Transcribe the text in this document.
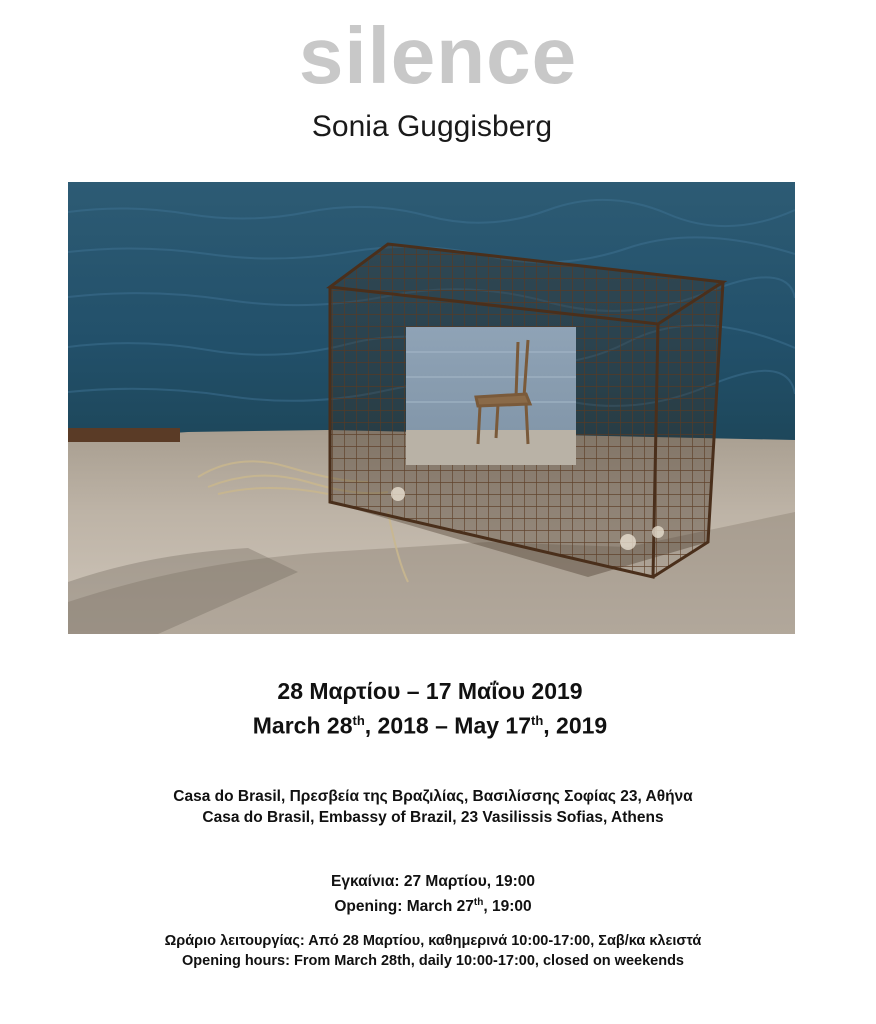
silence
Sonia Guggisberg
28 Μαρτίου – 17 Μαΐου 2019
March 28th, 2018 – May 17th, 2019
Casa do Brasil, Πρεσβεία της Βραζιλίας, Βασιλίσσης Σοφίας 23, Αθήνα
Casa do Brasil, Embassy of Brazil, 23 Vasilissis Sofias, Athens
Εγκαίνια: 27 Μαρτίου, 19:00
Opening: March 27th, 19:00
Ωράριο λειτουργίας: Από 28 Μαρτίου, καθημερινά 10:00-17:00, Σαβ/κα κλειστά
Opening hours: From March 28th, daily 10:00-17:00, closed on weekends
